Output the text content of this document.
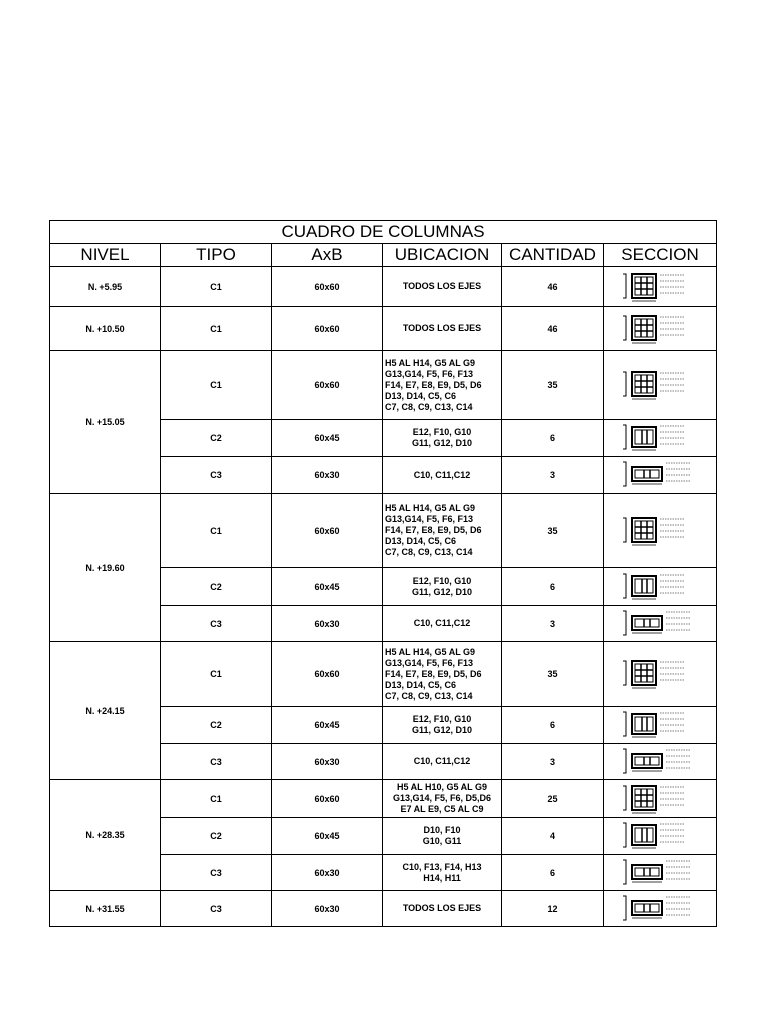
CUADRO DE COLUMNAS					
NIVEL	TIPO	AxB	UBICACION	CANTIDAD	SECCION
N. +5.95	C1	60x60	TODOS LOS EJES	46	

N. +10.50	C1	60x60	TODOS LOS EJES	46	

N. +15.05	C1	60x60	H5 AL H14, G5 AL G9
G13,G14, F5, F6, F13
F14, E7, E8, E9, D5, D6
D13, D14, C5, C6
C7, C8, C9, C13, C14	35	

	C2	60x45	E12, F10, G10
G11, G12, D10	6	

	C3	60x30	C10, C11,C12	3	

N. +19.60	C1	60x60	H5 AL H14, G5 AL G9
G13,G14, F5, F6, F13
F14, E7, E8, E9, D5, D6
D13, D14, C5, C6
C7, C8, C9, C13, C14	35	

	C2	60x45	E12, F10, G10
G11, G12, D10	6	

	C3	60x30	C10, C11,C12	3	

N. +24.15	C1	60x60	H5 AL H14, G5 AL G9
G13,G14, F5, F6, F13
F14, E7, E8, E9, D5, D6
D13, D14, C5, C6
C7, C8, C9, C13, C14	35	

	C2	60x45	E12, F10, G10
G11, G12, D10	6	

	C3	60x30	C10, C11,C12	3	

N. +28.35	C1	60x60	H5 AL H10, G5 AL G9
G13,G14, F5, F6, D5,D6
E7 AL E9, C5 AL C9	25	

	C2	60x45	D10, F10
G10, G11	4	

	C3	60x30	C10, F13, F14, H13
H14, H11	6	

N. +31.55	C3	60x30	TODOS LOS EJES	12	
